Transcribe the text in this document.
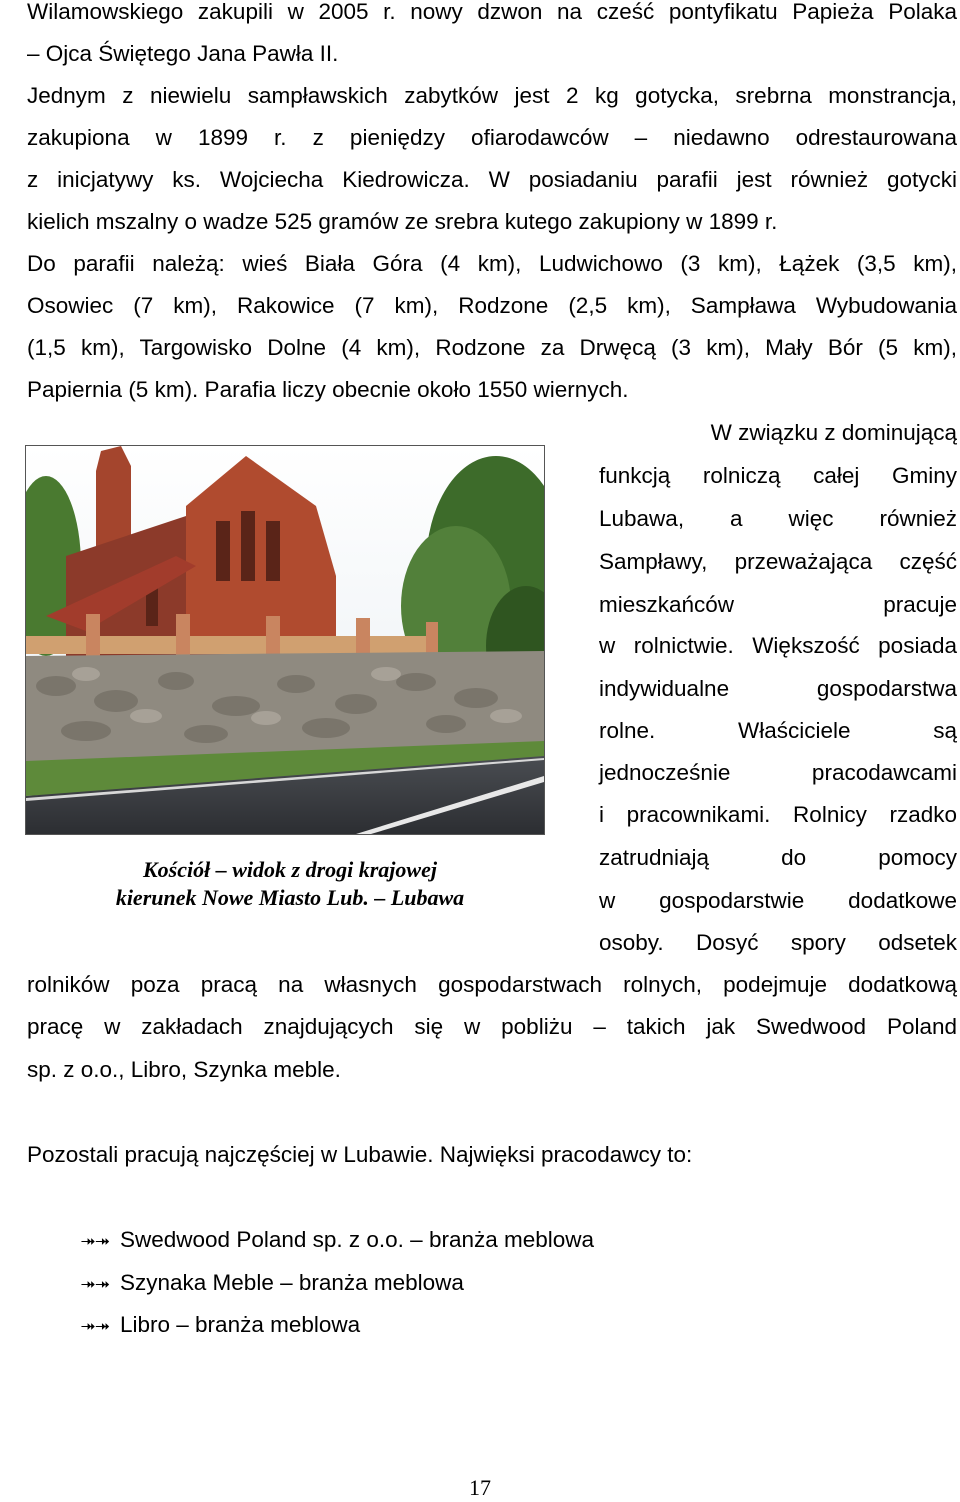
Wilamowskiego zakupili w 2005 r. nowy dzwon na cześć pontyfikatu Papieża Polaka
– Ojca Świętego Jana Pawła II.
Jednym z niewielu sampławskich zabytków jest 2 kg gotycka, srebrna monstrancja,
zakupiona w 1899 r. z pieniędzy ofiarodawców – niedawno odrestaurowana
z inicjatywy ks. Wojciecha Kiedrowicza. W posiadaniu parafii jest również gotycki
kielich mszalny o wadze 525 gramów ze srebra kutego zakupiony w 1899 r.
Do parafii należą: wieś Biała Góra (4 km), Ludwichowo (3 km), Łążek (3,5 km),
Osowiec (7 km), Rakowice (7 km), Rodzone (2,5 km), Sampława Wybudowania
(1,5 km), Targowisko Dolne (4 km), Rodzone za Drwęcą (3 km), Mały Bór (5 km),
Papiernia (5 km). Parafia liczy obecnie około 1550 wiernych.
Kościół – widok z drogi krajowej
kierunek Nowe Miasto Lub. – Lubawa
W związku z dominującą
funkcją rolniczą całej Gminy
Lubawa, a więc również
Sampławy, przeważająca część
mieszkańców pracuje
w rolnictwie. Większość posiada
indywidualne gospodarstwa
rolne. Właściciele są
jednocześnie pracodawcami
i pracownikami. Rolnicy rzadko
zatrudniają do pomocy
w gospodarstwie dodatkowe
osoby. Dosyć spory odsetek
rolników poza pracą na własnych gospodarstwach rolnych, podejmuje dodatkową
pracę w zakładach znajdujących się w pobliżu – takich jak Swedwood Poland
sp. z o.o., Libro, Szynka meble.
Pozostali pracują najczęściej w Lubawie. Najwięksi pracodawcy to:
⯮⯮ Swedwood Poland sp. z o.o. – branża meblowa
⯮⯮ Szynaka Meble – branża meblowa
⯮⯮ Libro – branża meblowa
17
